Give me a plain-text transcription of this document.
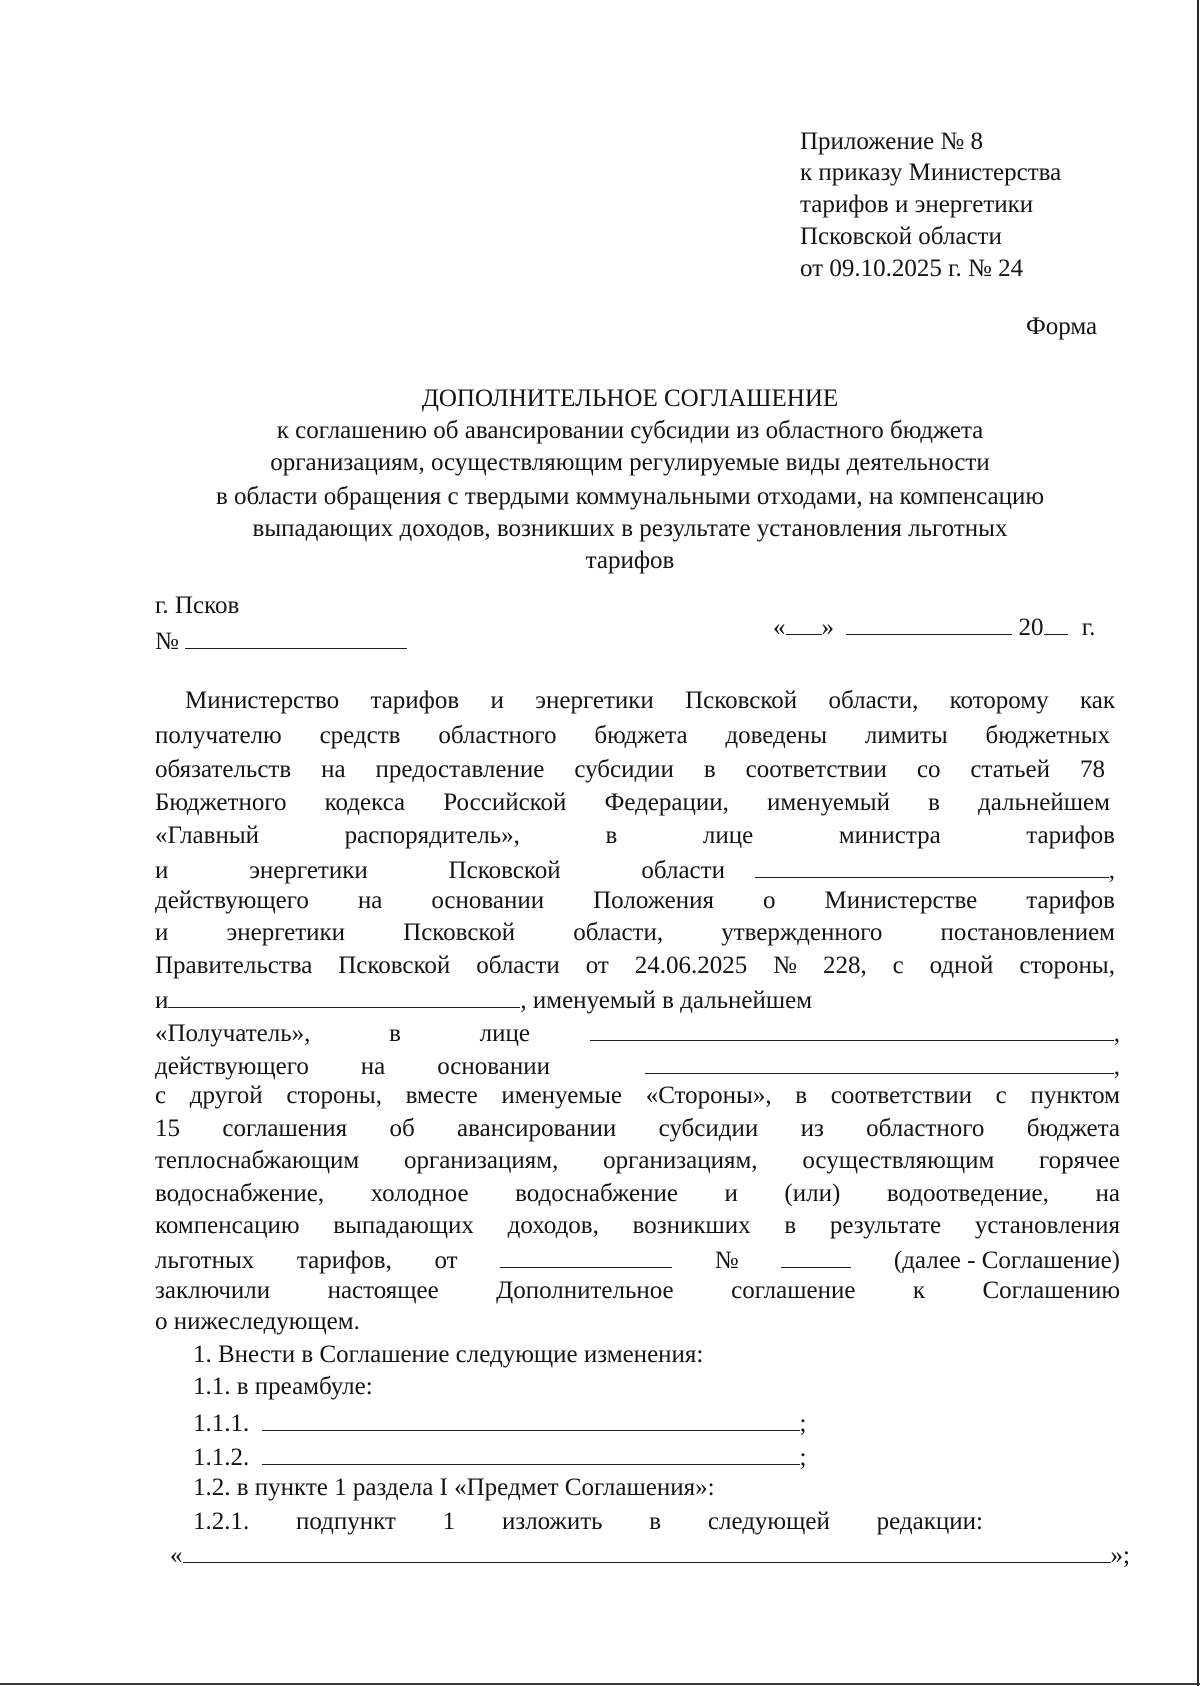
Приложение № 8
к приказу Министерства
тарифов и энергетики
Псковской области
от 09.10.2025 г. № 24
Форма
ДОПОЛНИТЕЛЬНОЕ СОГЛАШЕНИЕ
к соглашению об авансировании субсидии из областного бюджета
организациям, осуществляющим регулируемые виды деятельности
в области обращения с твердыми коммунальными отходами, на компенсацию
выпадающих доходов, возникших в результате установления льготных
тарифов
г. Псков
№
« »	20 г.
Министерство тарифов и энергетики Псковской области, которому как
получателю средств областного бюджета доведены лимиты бюджетных
обязательств на предоставление субсидии в соответствии со статьей 78
Бюджетного кодекса Российской Федерации, именуемый в дальнейшем
«Главный	распорядитель»,	в	лице	министра	тарифов
и	энергетики	Псковской	области	,
действующего на основании Положения о Министерстве тарифов
и энергетики Псковской области, утвержденного постановлением
Правительства Псковской области от 24.06.2025 № 228, с одной стороны,
и	, именуемый в дальнейшем
«Получатель»,	в	лице	,
действующего на основании	,
с другой стороны, вместе именуемые «Стороны», в соответствии с пунктом
15 соглашения об авансировании субсидии из областного бюджета
теплоснабжающим организациям, организациям, осуществляющим горячее
водоснабжение, холодное водоснабжение и (или) водоотведение, на
компенсацию выпадающих доходов, возникших в результате установления
льготных тарифов, от	№	(далее - Соглашение)
заключили настоящее Дополнительное соглашение к Соглашению
о нижеследующем.
1. Внести в Соглашение следующие изменения:
1.1. в преамбуле:
1.1.1.	;
1.1.2.	;
1.2. в пункте 1 раздела I «Предмет Соглашения»:
1.2.1. подпункт 1 изложить в следующей редакции:
«	»;
